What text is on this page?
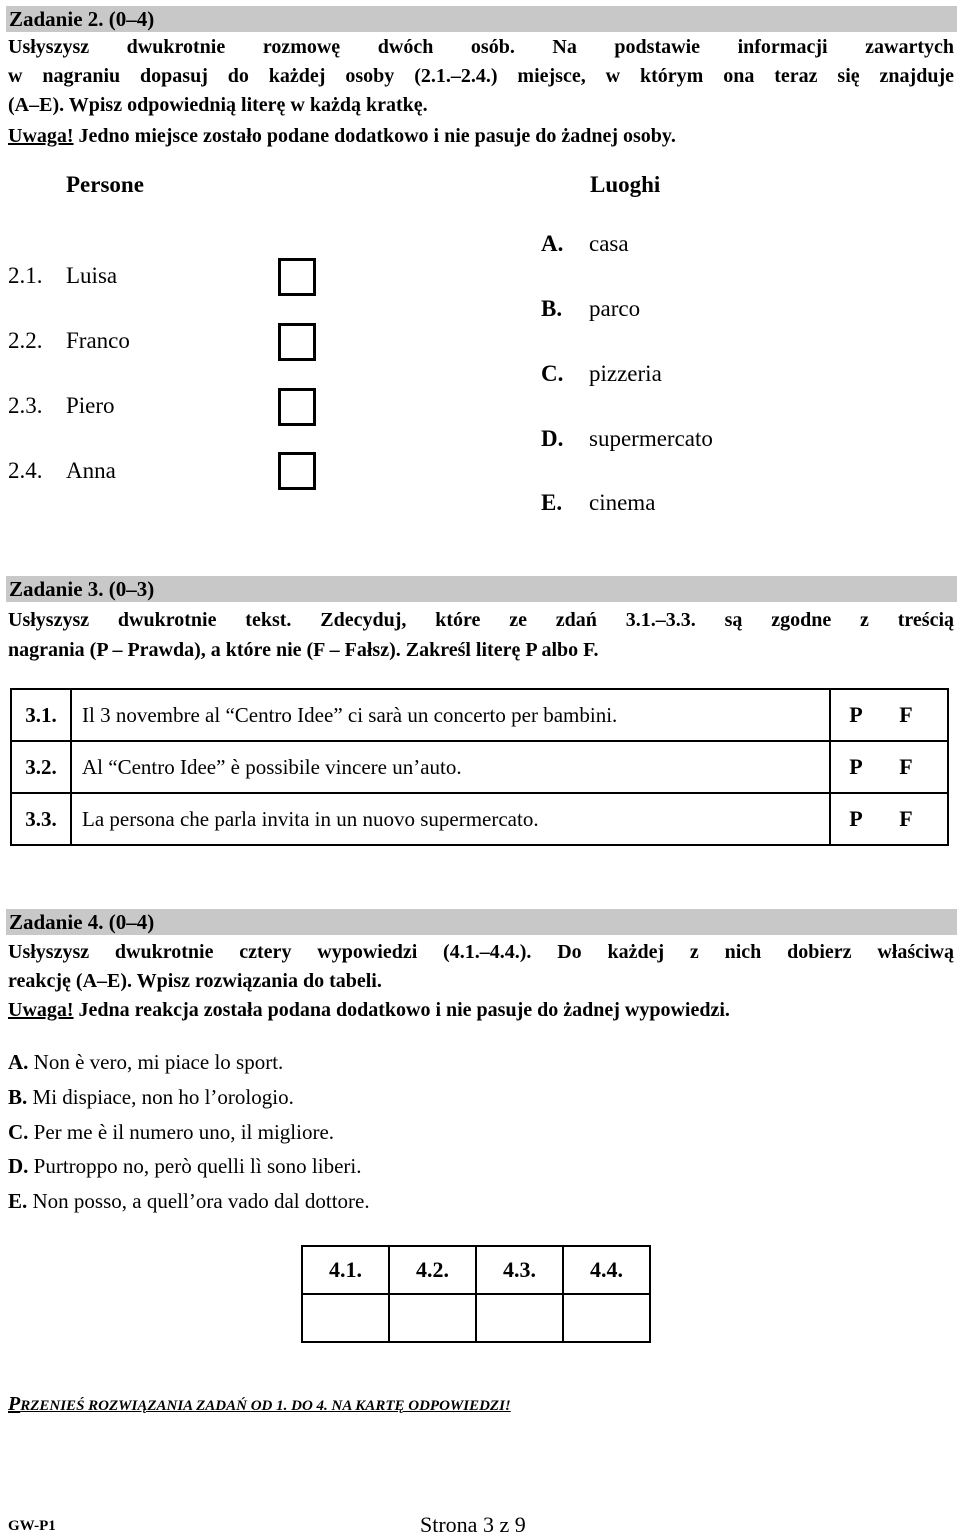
Zadanie 2. (0–4)
Usłyszysz dwukrotnie rozmowę dwóch osób. Na podstawie informacji zawartych
w nagraniu dopasuj do każdej osoby (2.1.–2.4.) miejsce, w którym ona teraz się znajduje
(A–E). Wpisz odpowiednią literę w każdą kratkę.
Uwaga! Jedno miejsce zostało podane dodatkowo i nie pasuje do żadnej osoby.
Persone	Luoghi
2.1. Luisa
2.2. Franco
2.3. Piero
2.4. Anna
A. casa
B. parco
C. pizzeria
D. supermercato
E. cinema
Zadanie 3. (0–3)
Usłyszysz dwukrotnie tekst. Zdecyduj, które ze zdań 3.1.–3.3. są zgodne z treścią
nagrania (P – Prawda), a które nie (F – Fałsz). Zakreśl literę P albo F.
3.1.	Il 3 novembre al “Centro Idee” ci sarà un concerto per bambini.	P F
3.2.	Al “Centro Idee” è possibile vincere un’auto.	P F
3.3.	La persona che parla invita in un nuovo supermercato.	P F
Zadanie 4. (0–4)
Usłyszysz dwukrotnie cztery wypowiedzi (4.1.–4.4.). Do każdej z nich dobierz właściwą
reakcję (A–E). Wpisz rozwiązania do tabeli.
Uwaga! Jedna reakcja została podana dodatkowo i nie pasuje do żadnej wypowiedzi.
A. Non è vero, mi piace lo sport.
B. Mi dispiace, non ho l’orologio.
C. Per me è il numero uno, il migliore.
D. Purtroppo no, però quelli lì sono liberi.
E. Non posso, a quell’ora vado dal dottore.
4.1.	4.2.	4.3.	4.4.

PRZENIEŚ ROZWIĄZANIA ZADAŃ OD 1. DO 4. NA KARTĘ ODPOWIEDZI!
GW-P1	Strona 3 z 9
